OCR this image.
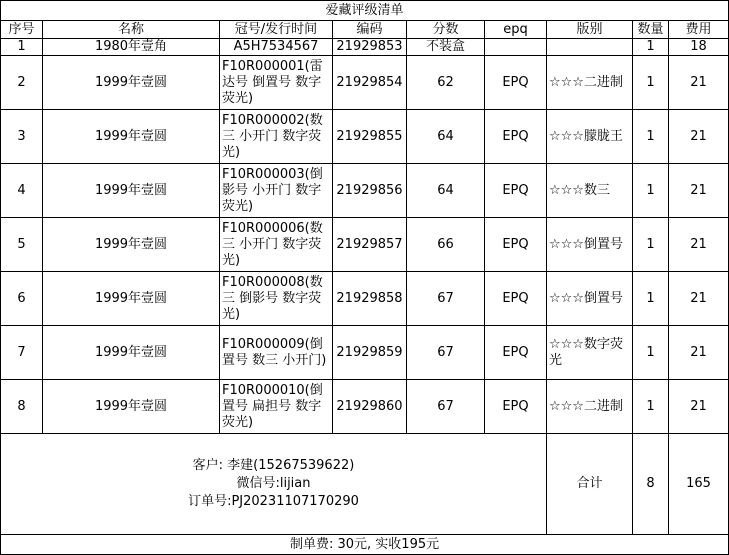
爱藏评级清单								
序号	名称	冠号/发行时间	编码	分数	epq	版别	数量	费用
1	1980年壹角	A5H7534567	21929853	不装盒			1	18
2	1999年壹圆	F10R000001(雷达号 倒置号 数字荧光)	21929854	62	EPQ	☆☆☆二进制	1	21
3	1999年壹圆	F10R000002(数三 小开门 数字荧光)	21929855	64	EPQ	☆☆☆朦胧王	1	21
4	1999年壹圆	F10R000003(倒影号 小开门 数字荧光)	21929856	64	EPQ	☆☆☆数三	1	21
5	1999年壹圆	F10R000006(数三 小开门 数字荧光)	21929857	66	EPQ	☆☆☆倒置号	1	21
6	1999年壹圆	F10R000008(数三 倒影号 数字荧光)	21929858	67	EPQ	☆☆☆倒置号	1	21
7	1999年壹圆	F10R000009(倒置号 数三 小开门)	21929859	67	EPQ	☆☆☆数字荧光	1	21
8	1999年壹圆	F10R000010(倒置号 扁担号 数字荧光)	21929860	67	EPQ	☆☆☆二进制	1	21

客户: 李建(15267539622)
微信号:lijian
订单号:PJ20231107170290						合计	8	165
制单费: 30元, 实收195元								
